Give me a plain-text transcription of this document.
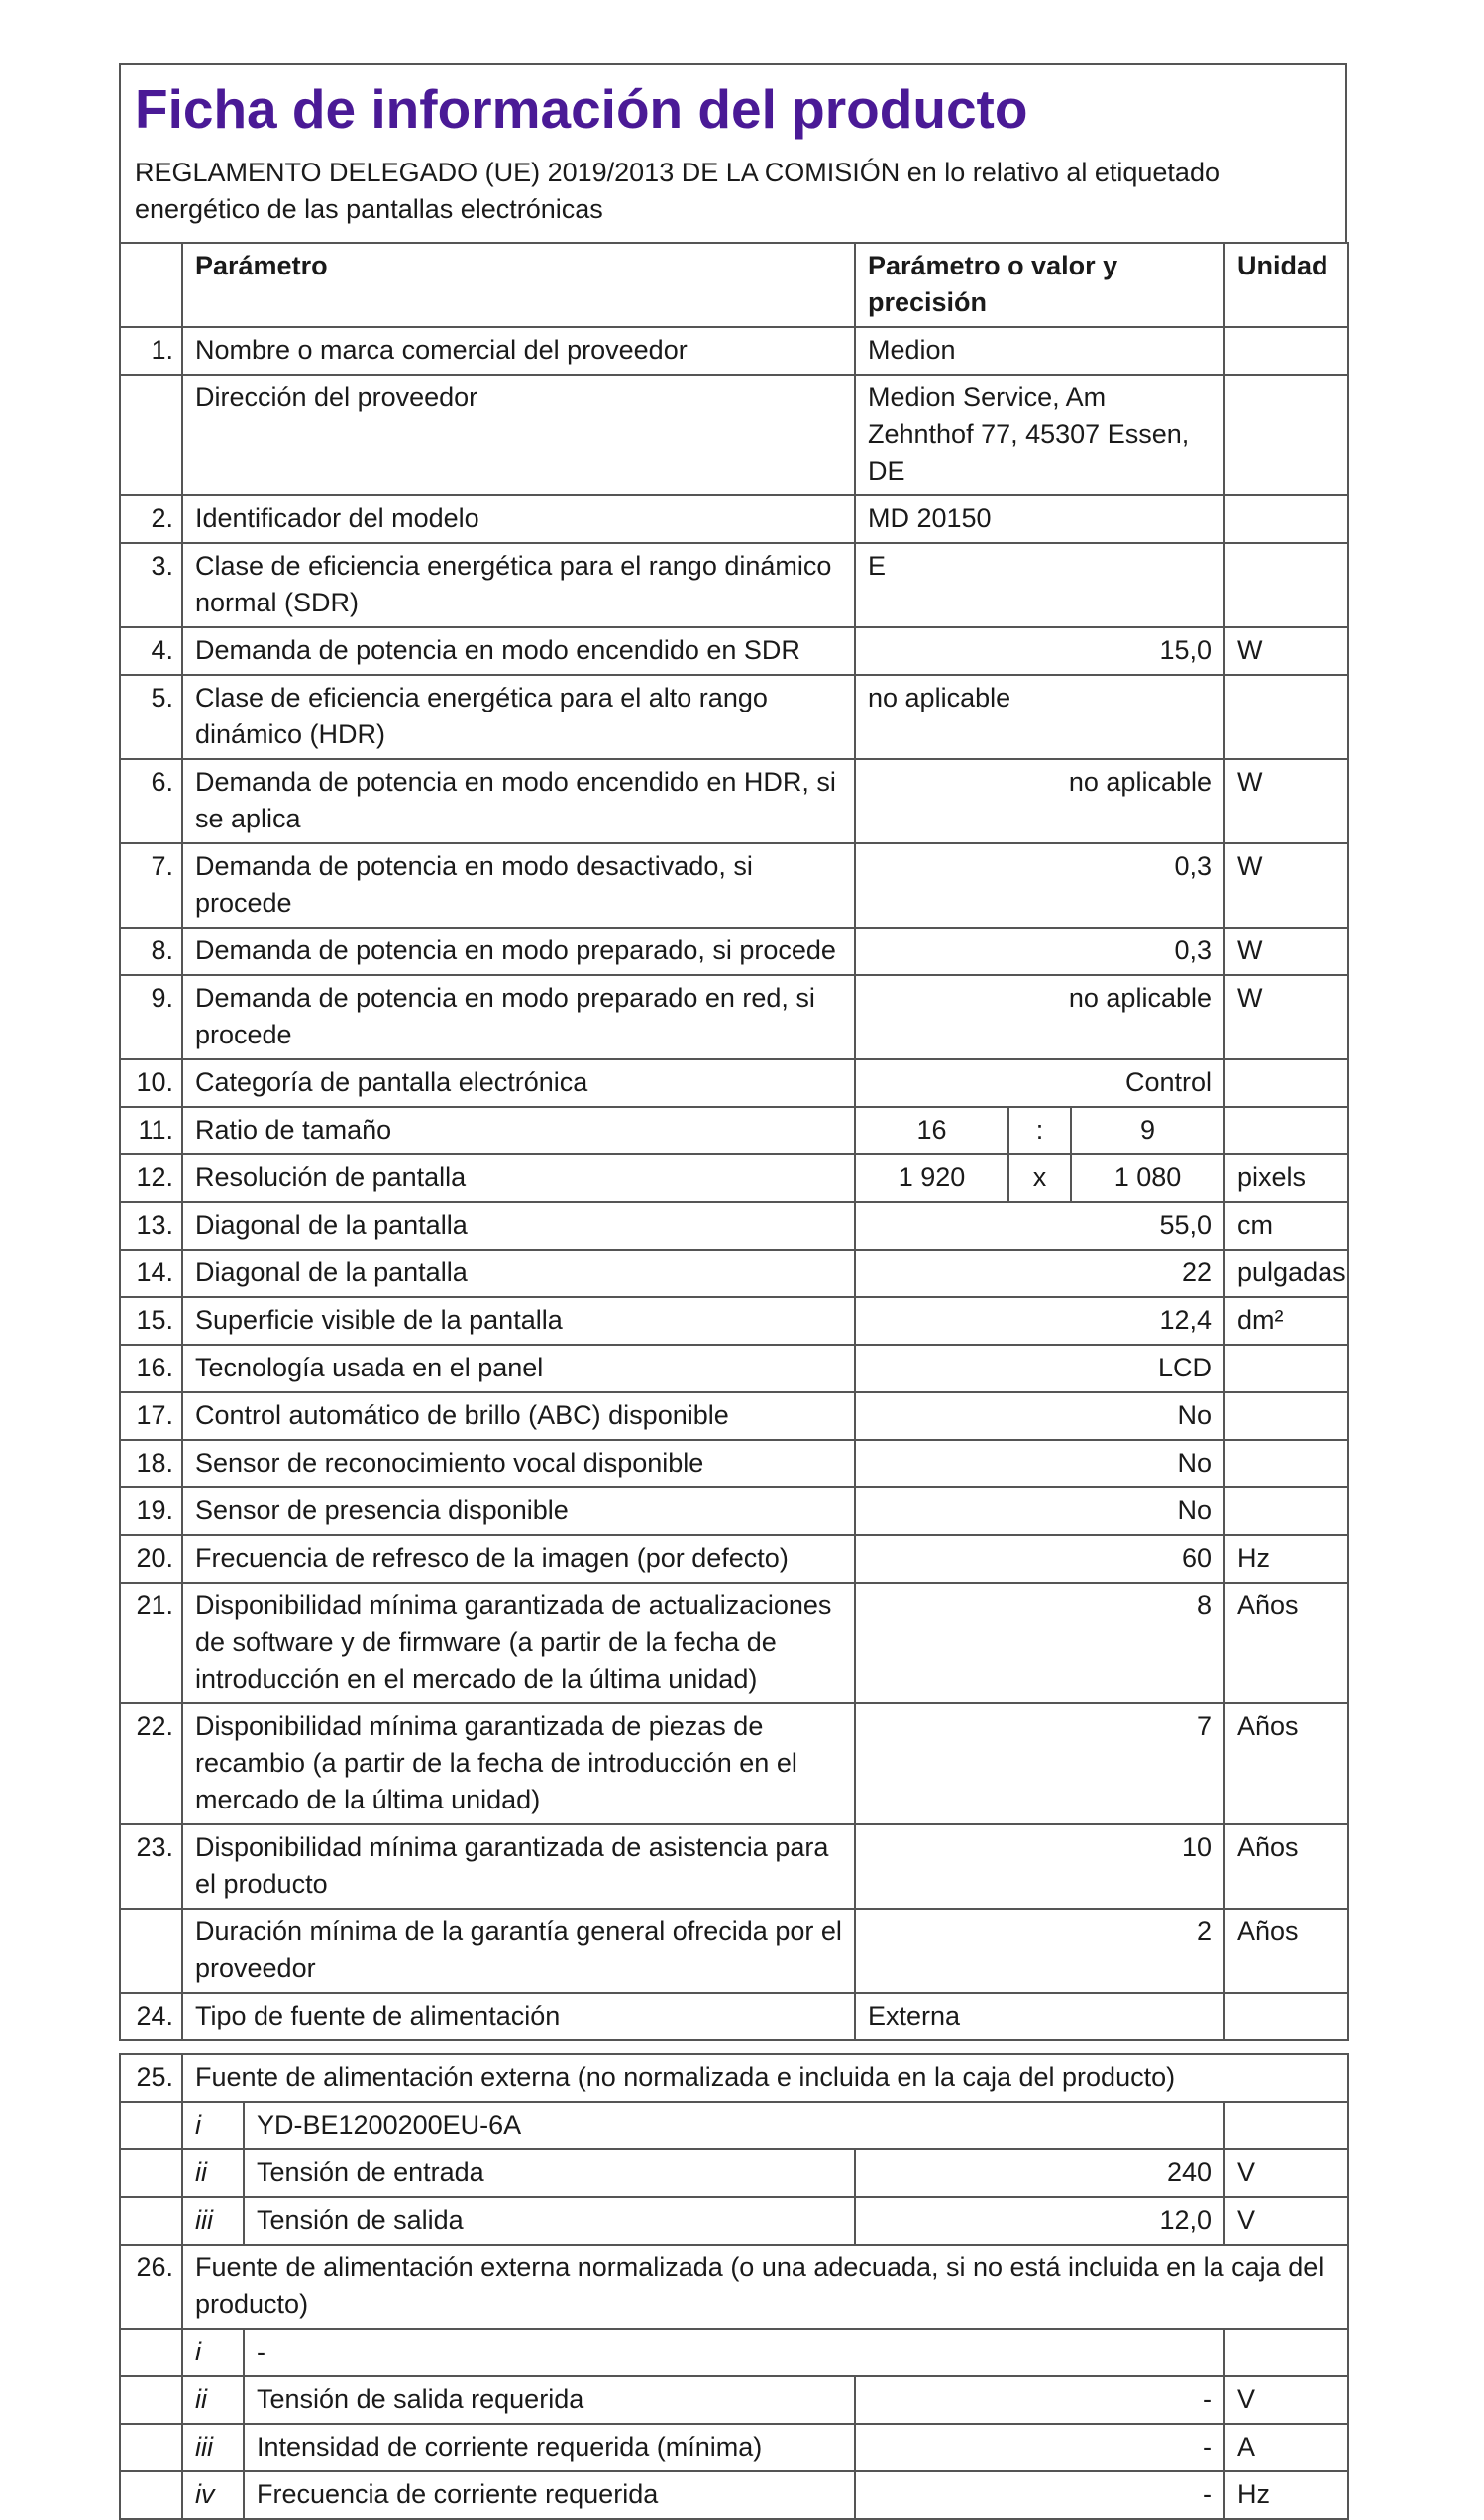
Ficha de información del producto
REGLAMENTO DELEGADO (UE) 2019/2013 DE LA COMISIÓN en lo relativo al etiquetado energético de las pantallas electrónicas
	Parámetro	Parámetro o valor y precisión			Unidad
1.	Nombre o marca comercial del proveedor	Medion			
	Dirección del proveedor	Medion Service, Am Zehnthof 77, 45307 Essen, DE			
2.	Identificador del modelo	MD 20150			
3.	Clase de eficiencia energética para el rango dinámico normal (SDR)	E			
4.	Demanda de potencia en modo encendido en SDR	15,0			W
5.	Clase de eficiencia energética para el alto rango dinámico (HDR)	no aplicable			
6.	Demanda de potencia en modo encendido en HDR, si se aplica	no aplicable			W
7.	Demanda de potencia en modo desactivado, si procede	0,3			W
8.	Demanda de potencia en modo preparado, si procede	0,3			W
9.	Demanda de potencia en modo preparado en red, si procede	no aplicable			W
10.	Categoría de pantalla electrónica	Control			
11.	Ratio de tamaño	16	:	9	
12.	Resolución de pantalla	1 920	x	1 080	pixels
13.	Diagonal de la pantalla	55,0			cm
14.	Diagonal de la pantalla	22			pulgadas
15.	Superficie visible de la pantalla	12,4			dm²
16.	Tecnología usada en el panel	LCD			
17.	Control automático de brillo (ABC) disponible	No			
18.	Sensor de reconocimiento vocal disponible	No			
19.	Sensor de presencia disponible	No			
20.	Frecuencia de refresco de la imagen (por defecto)	60			Hz
21.	Disponibilidad mínima garantizada de actualizaciones de software y de firmware (a partir de la fecha de introducción en el mercado de la última unidad)	8			Años
22.	Disponibilidad mínima garantizada de piezas de recambio (a partir de la fecha de introducción en el mercado de la última unidad)	7			Años
23.	Disponibilidad mínima garantizada de asistencia para el producto	10			Años
	Duración mínima de la garantía general ofrecida por el proveedor	2			Años
24.	Tipo de fuente de alimentación	Externa			
25.	Fuente de alimentación externa (no normalizada e incluida en la caja del producto)			
	i	YD-BE1200200EU-6A		
	ii	Tensión de entrada	240	V
	iii	Tensión de salida	12,0	V
26.	Fuente de alimentación externa normalizada (o una adecuada, si no está incluida en la caja del producto)			
	i	-		
	ii	Tensión de salida requerida	-	V
	iii	Intensidad de corriente requerida (mínima)	-	A
	iv	Frecuencia de corriente requerida	-	Hz
